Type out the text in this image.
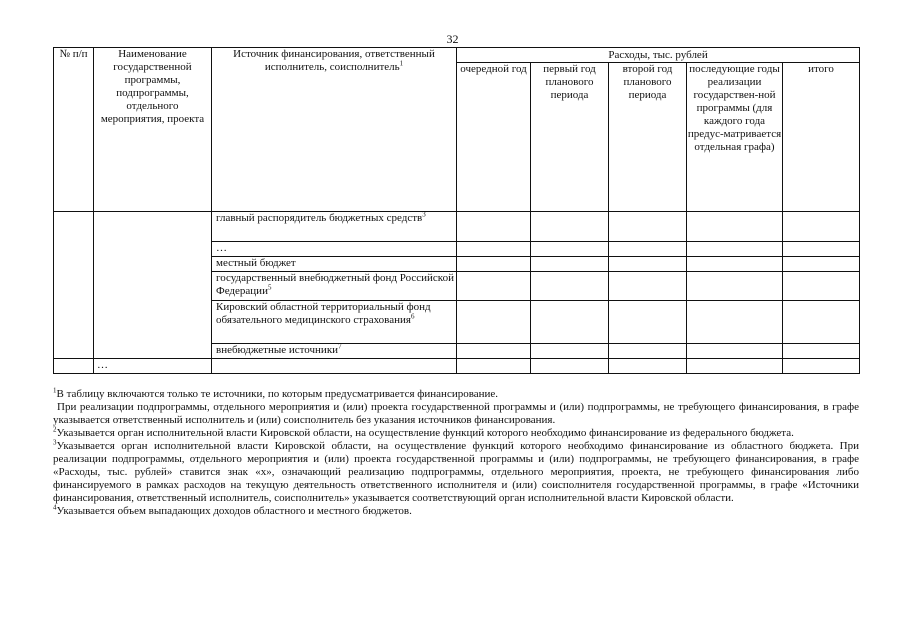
32
№ п/п	Наименование государственной программы, подпрограммы, отдельного мероприятия, проекта	Источник финансирования, ответственный исполнитель, соисполнитель$^1$	Расходы, тыс. рублей				
			очередной год	первый год планового периода	второй год планового периода	последующие годы реализации государствен-ной программы (для каждого года предус-матривается отдельная графа)	итого
		главный распорядитель бюджетных средств$^3$					
		…					
		местный бюджет					
		государственный внебюджетный фонд Российской Федерации$^5$					
		Кировский областной территориальный фонд обязательного медицинского страхования$^6$					
		внебюджетные источники$^7$					
	…						

$^1$В таблицу включаются только те источники, по которым предусматривается финансирование.

При реализации подпрограммы, отдельного мероприятия и (или) проекта государственной программы и (или) подпрограммы, не требующего финансирования, в графе указывается ответственный исполнитель и (или) соисполнитель без указания источников финансирования.

$^2$Указывается орган исполнительной власти Кировской области, на осуществление функций которого необходимо финансирование из федерального бюджета.

$^3$Указывается орган исполнительной власти Кировской области, на осуществление функций которого необходимо финансирование из областного бюджета. При реализации подпрограммы, отдельного мероприятия и (или) проекта государственной программы и (или) подпрограммы, не требующего финансирования, в графе «Расходы, тыс. рублей» ставится знак «х», означающий реализацию подпрограммы, отдельного мероприятия, проекта, не требующего финансирования либо финансируемого в рамках расходов на текущую деятельность ответственного исполнителя и (или) соисполнителя государственной программы, в графе «Источники финансирования, ответственный исполнитель, соисполнитель» указывается соответствующий орган исполнительной власти Кировской области.

$^4$Указывается объем выпадающих доходов областного и местного бюджетов.
